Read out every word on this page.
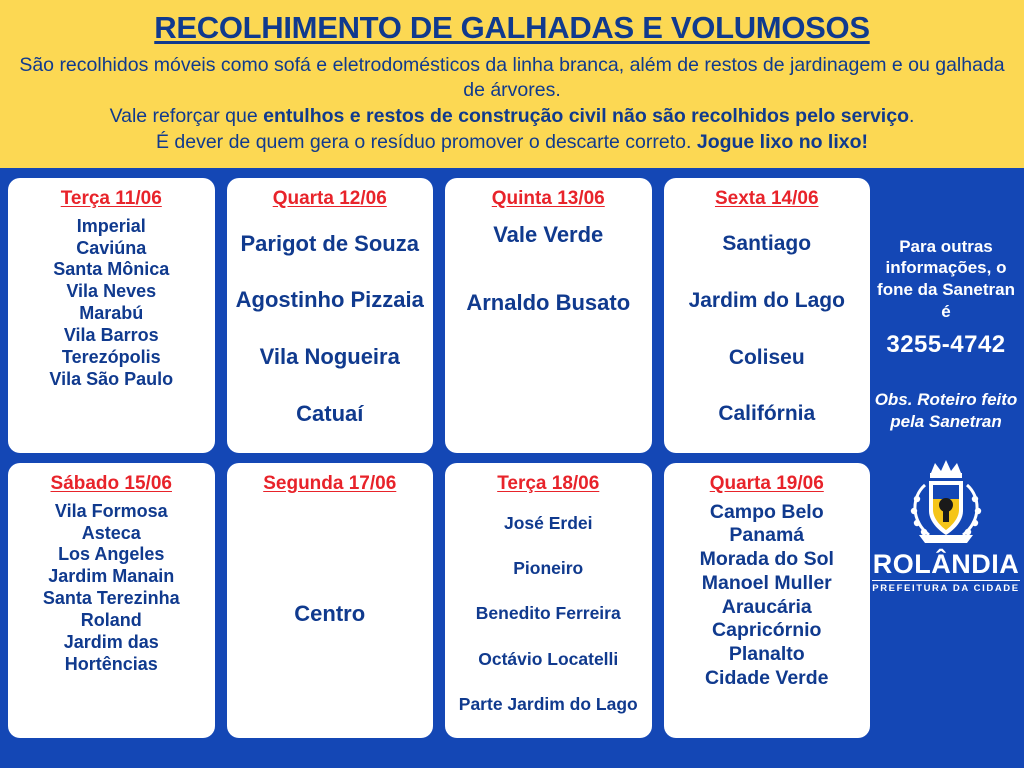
RECOLHIMENTO DE GALHADAS E VOLUMOSOS
São recolhidos móveis como sofá e eletrodomésticos da linha branca, além de restos de jardinagem e ou galhada de árvores.
Vale reforçar que entulhos e restos de construção civil não são recolhidos pelo serviço.
É dever de quem gera o resíduo promover o descarte correto. Jogue lixo no lixo!
Terça 11/06
Imperial
Caviúna
Santa Mônica
Vila Neves
Marabú
Vila Barros
Terezópolis
Vila São Paulo
Quarta 12/06
Parigot de Souza
Agostinho Pizzaia
Vila Nogueira
Catuaí
Quinta 13/06
Vale Verde
Arnaldo Busato
Sexta 14/06
Santiago
Jardim do Lago
Coliseu
Califórnia
Sábado 15/06
Vila Formosa
Asteca
Los Angeles
Jardim Manain
Santa Terezinha
Roland
Jardim das Hortências
Segunda 17/06
Centro
Terça 18/06
José Erdei
Pioneiro
Benedito Ferreira
Octávio Locatelli
Parte Jardim do Lago
Quarta 19/06
Campo Belo
Panamá
Morada do Sol
Manoel Muller
Araucária
Capricórnio
Planalto
Cidade Verde
Para outras informações, o fone da Sanetran é
3255-4742
Obs. Roteiro feito pela Sanetran
ROLÂNDIA
PREFEITURA DA CIDADE
